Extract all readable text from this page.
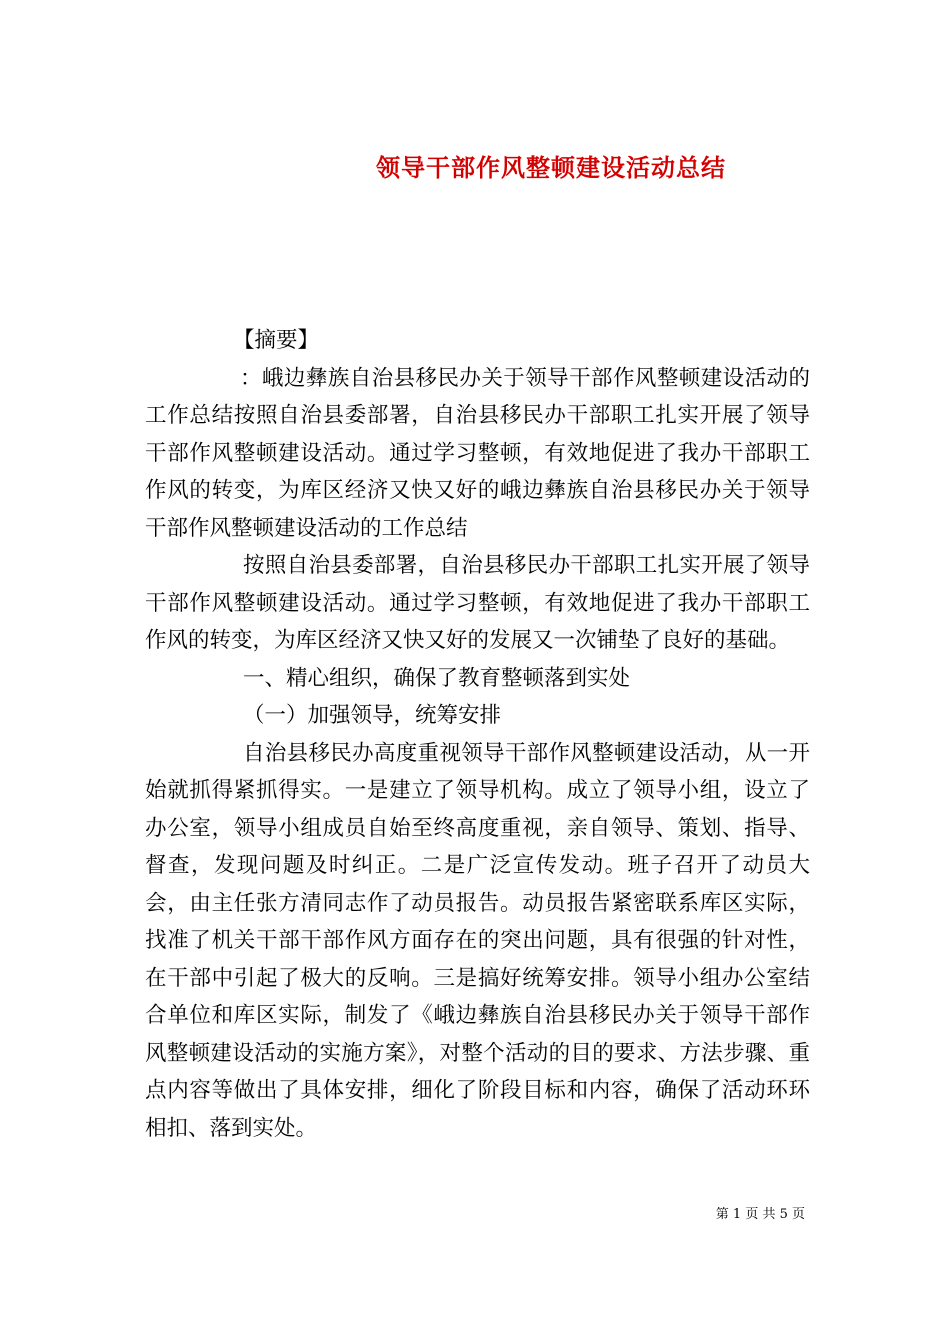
领导干部作风整顿建设活动总结

【摘要】

：峨边彝族自治县移民办关于领导干部作风整顿建设活动的工作总结按照自治县委部署，自治县移民办干部职工扎实开展了领导干部作风整顿建设活动。通过学习整顿，有效地促进了我办干部职工作风的转变，为库区经济又快又好的峨边彝族自治县移民办关于领导干部作风整顿建设活动的工作总结

按照自治县委部署，自治县移民办干部职工扎实开展了领导干部作风整顿建设活动。通过学习整顿，有效地促进了我办干部职工作风的转变，为库区经济又快又好的发展又一次铺垫了良好的基础。

一、精心组织，确保了教育整顿落到实处

（一）加强领导，统筹安排

自治县移民办高度重视领导干部作风整顿建设活动，从一开始就抓得紧抓得实。一是建立了领导机构。成立了领导小组，设立了办公室，领导小组成员自始至终高度重视，亲自领导、策划、指导、督查，发现问题及时纠正。二是广泛宣传发动。班子召开了动员大会，由主任张方清同志作了动员报告。动员报告紧密联系库区实际，找准了机关干部干部作风方面存在的突出问题，具有很强的针对性，在干部中引起了极大的反响。三是搞好统筹安排。领导小组办公室结合单位和库区实际，制发了《峨边彝族自治县移民办关于领导干部作风整顿建设活动的实施方案》，对整个活动的目的要求、方法步骤、重点内容等做出了具体安排，细化了阶段目标和内容，确保了活动环环相扣、落到实处。

第 1 页 共 5 页
